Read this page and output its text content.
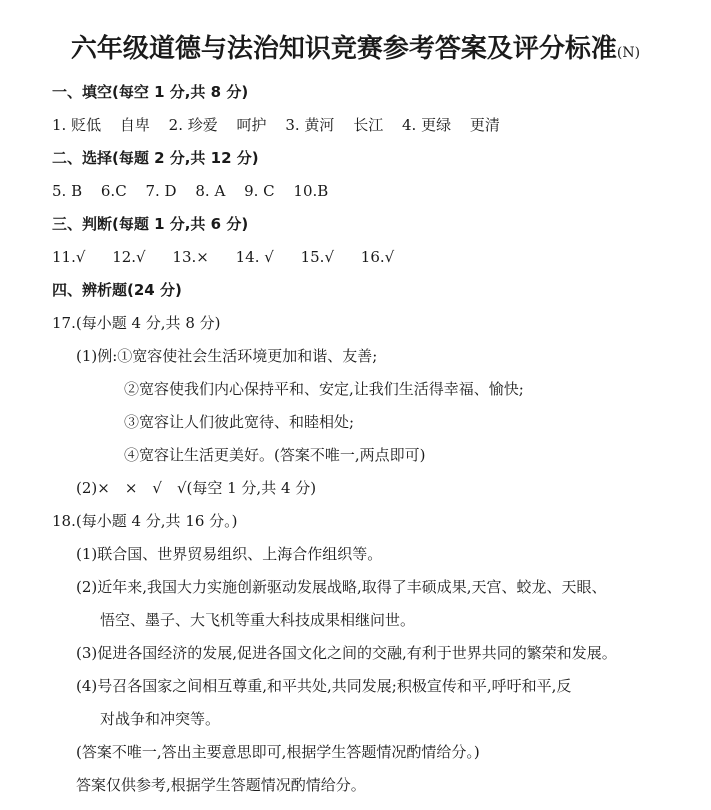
六年级道德与法治知识竞赛参考答案及评分标准(N)
一、填空(每空 1 分,共 8 分)
1. 贬低 自卑 2. 珍爱 呵护 3. 黄河 长江 4. 更绿 更清
二、选择(每题 2 分,共 12 分)
5. B 6.C 7. D 8. A 9. C 10.B
三、判断(每题 1 分,共 6 分)
11.√ 12.√ 13.× 14. √ 15.√ 16.√
四、辨析题(24 分)
17.(每小题 4 分,共 8 分)
(1)例:①宽容使社会生活环境更加和谐、友善;
②宽容使我们内心保持平和、安定,让我们生活得幸福、愉快;
③宽容让人们彼此宽待、和睦相处;
④宽容让生活更美好。(答案不唯一,两点即可)
(2)×　×　√　√(每空 1 分,共 4 分)
18.(每小题 4 分,共 16 分。)
(1)联合国、世界贸易组织、上海合作组织等。
(2)近年来,我国大力实施创新驱动发展战略,取得了丰硕成果,天宫、蛟龙、天眼、
悟空、墨子、大飞机等重大科技成果相继问世。
(3)促进各国经济的发展,促进各国文化之间的交融,有利于世界共同的繁荣和发展。
(4)号召各国家之间相互尊重,和平共处,共同发展;积极宣传和平,呼吁和平,反
对战争和冲突等。
(答案不唯一,答出主要意思即可,根据学生答题情况酌情给分。)
答案仅供参考,根据学生答题情况酌情给分。
